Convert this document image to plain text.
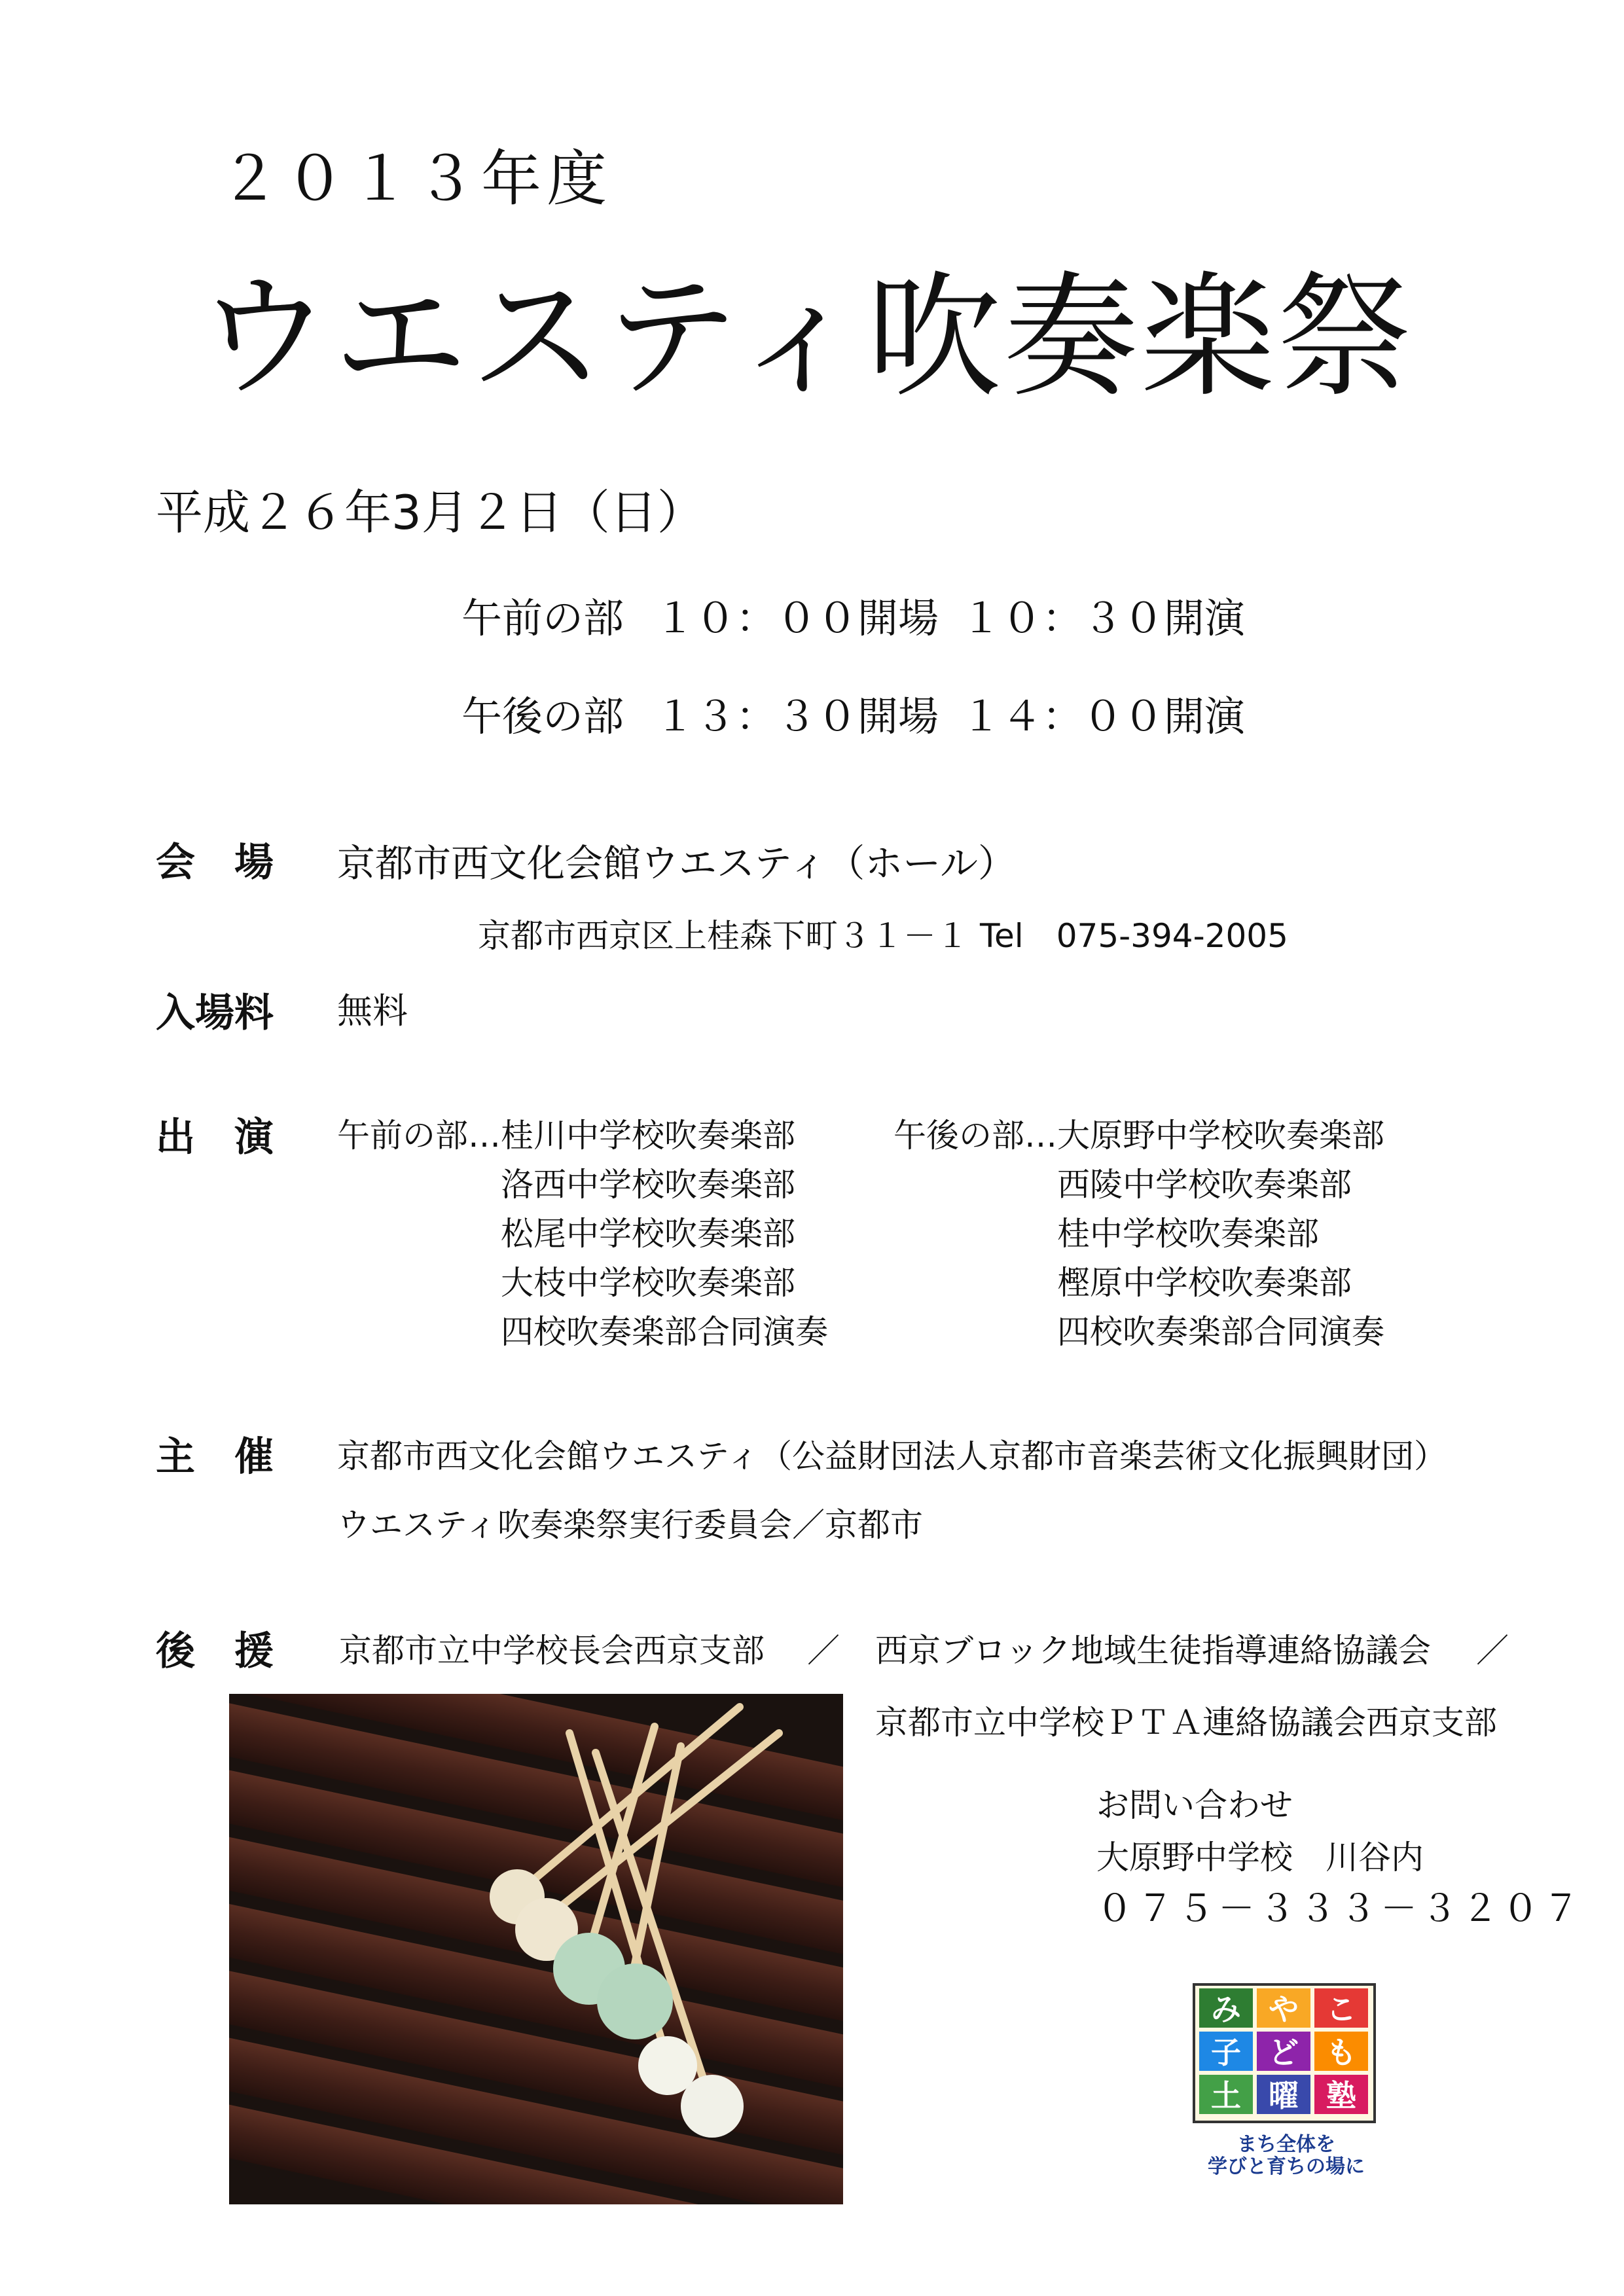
２０１３年度
ウエスティ吹奏楽祭
平成２６年3月２日（日）
午前の部 １０：００開場 １０：３０開演
午後の部 １３：３０開場 １４：００開演
会　場 京都市西文化会館ウエスティ（ホール）
京都市西京区上桂森下町３１－１ Tel　075-394-2005
入場料 無料
出　演 午前の部… 桂川中学校吹奏楽部
洛西中学校吹奏楽部
松尾中学校吹奏楽部
大枝中学校吹奏楽部
四校吹奏楽部合同演奏
午後の部… 大原野中学校吹奏楽部
西陵中学校吹奏楽部
桂中学校吹奏楽部
樫原中学校吹奏楽部
四校吹奏楽部合同演奏
主　催 京都市西文化会館ウエスティ（公益財団法人京都市音楽芸術文化振興財団）
ウエスティ吹奏楽祭実行委員会／京都市
後　援 京都市立中学校長会西京支部 ／ 西京ブロック地域生徒指導連絡協議会 ／
京都市立中学校ＰＴＡ連絡協議会西京支部
お問い合わせ
大原野中学校　川谷内
０７５－３３３－３２０７
み や こ
子 ど も
土 曜 塾
まち全体を
学びと育ちの場に
